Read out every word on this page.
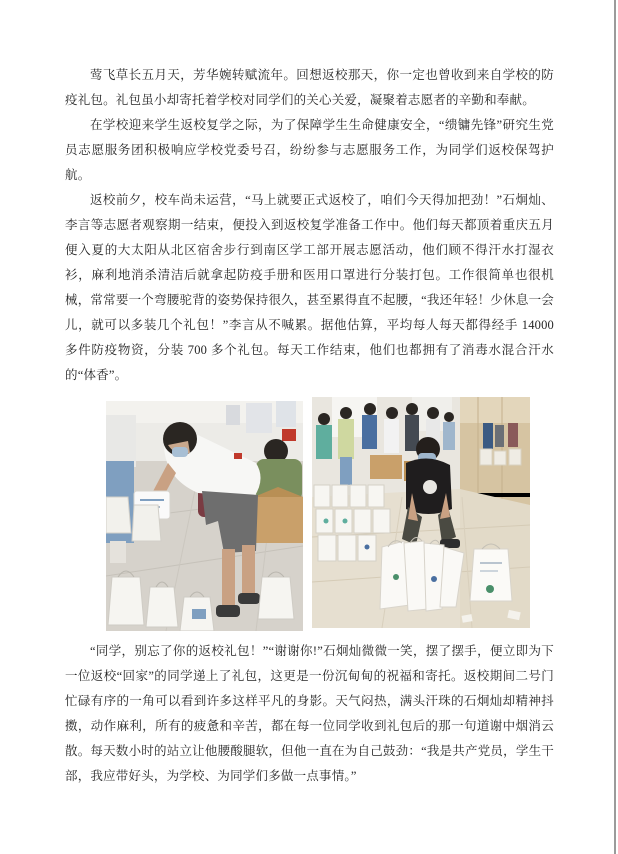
莺飞草长五月天，芳华婉转赋流年。回想返校那天，你一定也曾收到来自学校的防疫礼包。礼包虽小却寄托着学校对同学们的关心关爱，凝聚着志愿者的辛勤和奉献。

在学校迎来学生返校复学之际，为了保障学生生命健康安全，“缋镛先锋”研究生党员志愿服务团积极响应学校党委号召，纷纷参与志愿服务工作，为同学们返校保驾护航。

返校前夕，校车尚未运营，“马上就要正式返校了，咱们今天得加把劲！”石炯灿、李言等志愿者观察期一结束，便投入到返校复学准备工作中。他们每天都顶着重庆五月便入夏的大太阳从北区宿舍步行到南区学工部开展志愿活动，他们顾不得汗水打湿衣衫，麻利地消杀清洁后就拿起防疫手册和医用口罩进行分装打包。工作很简单也很机械，常常要一个弯腰驼背的姿势保持很久，甚至累得直不起腰，“我还年轻！少休息一会儿，就可以多装几个礼包！”李言从不喊累。据他估算，平均每人每天都得经手 14000 多件防疫物资，分装 700 多个礼包。每天工作结束，他们也都拥有了消毒水混合汗水的“体香”。

“同学，别忘了你的返校礼包！”“谢谢你!”石炯灿微微一笑，摆了摆手，便立即为下一位返校“回家”的同学递上了礼包，这更是一份沉甸甸的祝福和寄托。返校期间二号门忙碌有序的一角可以看到许多这样平凡的身影。天气闷热，满头汗珠的石炯灿却精神抖擞，动作麻利，所有的疲惫和辛苦，都在每一位同学收到礼包后的那一句道谢中烟消云散。每天数小时的站立让他腰酸腿软，但他一直在为自己鼓劲：“我是共产党员，学生干部，我应带好头，为学校、为同学们多做一点事情。”
